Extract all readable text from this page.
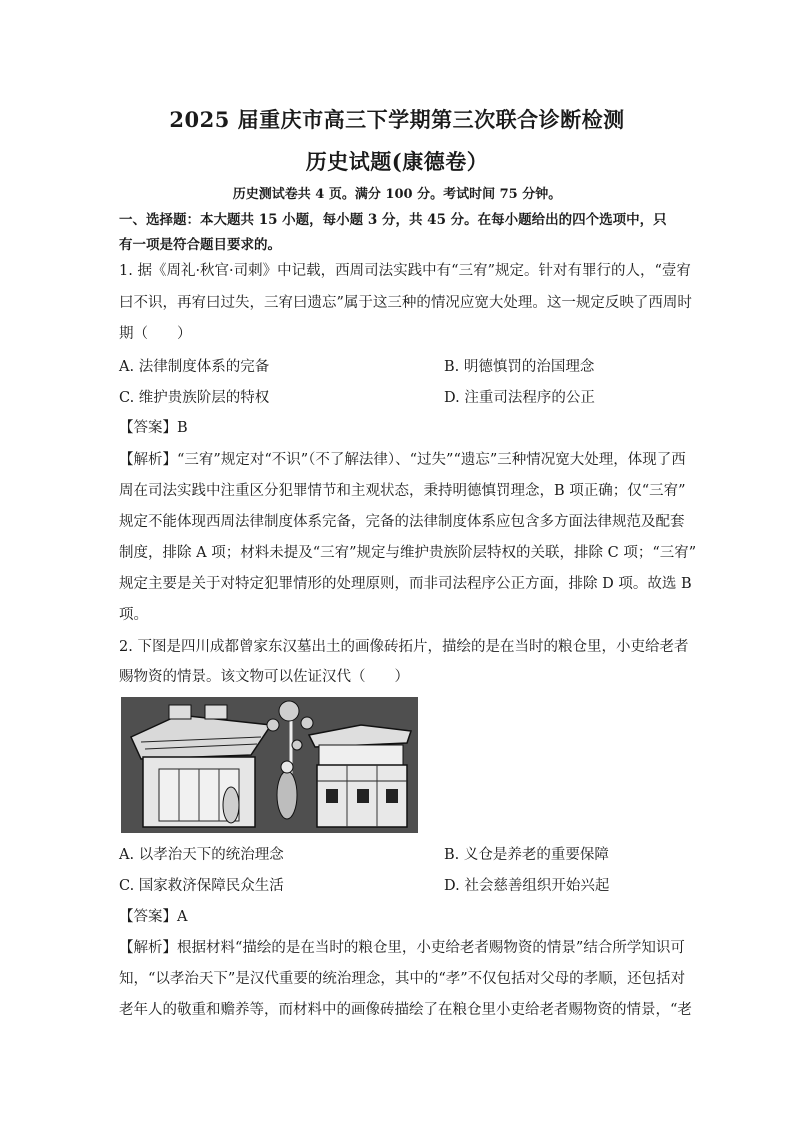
2025 届重庆市高三下学期第三次联合诊断检测
历史试题(康德卷）
历史测试卷共 4 页。满分 100 分。考试时间 75 分钟。
一、选择题：本大题共 15 小题，每小题 3 分，共 45 分。在每小题给出的四个选项中，只
有一项是符合题目要求的。
1. 据《周礼·秋官·司刺》中记载，西周司法实践中有“三宥”规定。针对有罪行的人，“壹宥
曰不识，再宥曰过失，三宥曰遗忘”属于这三种的情况应宽大处理。这一规定反映了西周时
期（　　）
A. 法律制度体系的完备	B. 明德慎罚的治国理念
C. 维护贵族阶层的特权	D. 注重司法程序的公正
【答案】B
【解析】“三宥”规定对“不识”（不了解法律）、“过失”“遗忘”三种情况宽大处理，体现了西
周在司法实践中注重区分犯罪情节和主观状态，秉持明德慎罚理念，B 项正确；仅“三宥”
规定不能体现西周法律制度体系完备，完备的法律制度体系应包含多方面法律规范及配套
制度，排除 A 项；材料未提及“三宥”规定与维护贵族阶层特权的关联，排除 C 项；“三宥”
规定主要是关于对特定犯罪情形的处理原则，而非司法程序公正方面，排除 D 项。故选 B
项。
2. 下图是四川成都曾家东汉墓出土的画像砖拓片，描绘的是在当时的粮仓里，小吏给老者
赐物资的情景。该文物可以佐证汉代（　　）
A. 以孝治天下的统治理念	B. 义仓是养老的重要保障
C. 国家救济保障民众生活	D. 社会慈善组织开始兴起
【答案】A
【解析】根据材料“描绘的是在当时的粮仓里，小吏给老者赐物资的情景”结合所学知识可
知，“以孝治天下”是汉代重要的统治理念，其中的“孝”不仅包括对父母的孝顺，还包括对
老年人的敬重和赡养等，而材料中的画像砖描绘了在粮仓里小吏给老者赐物资的情景，“老
